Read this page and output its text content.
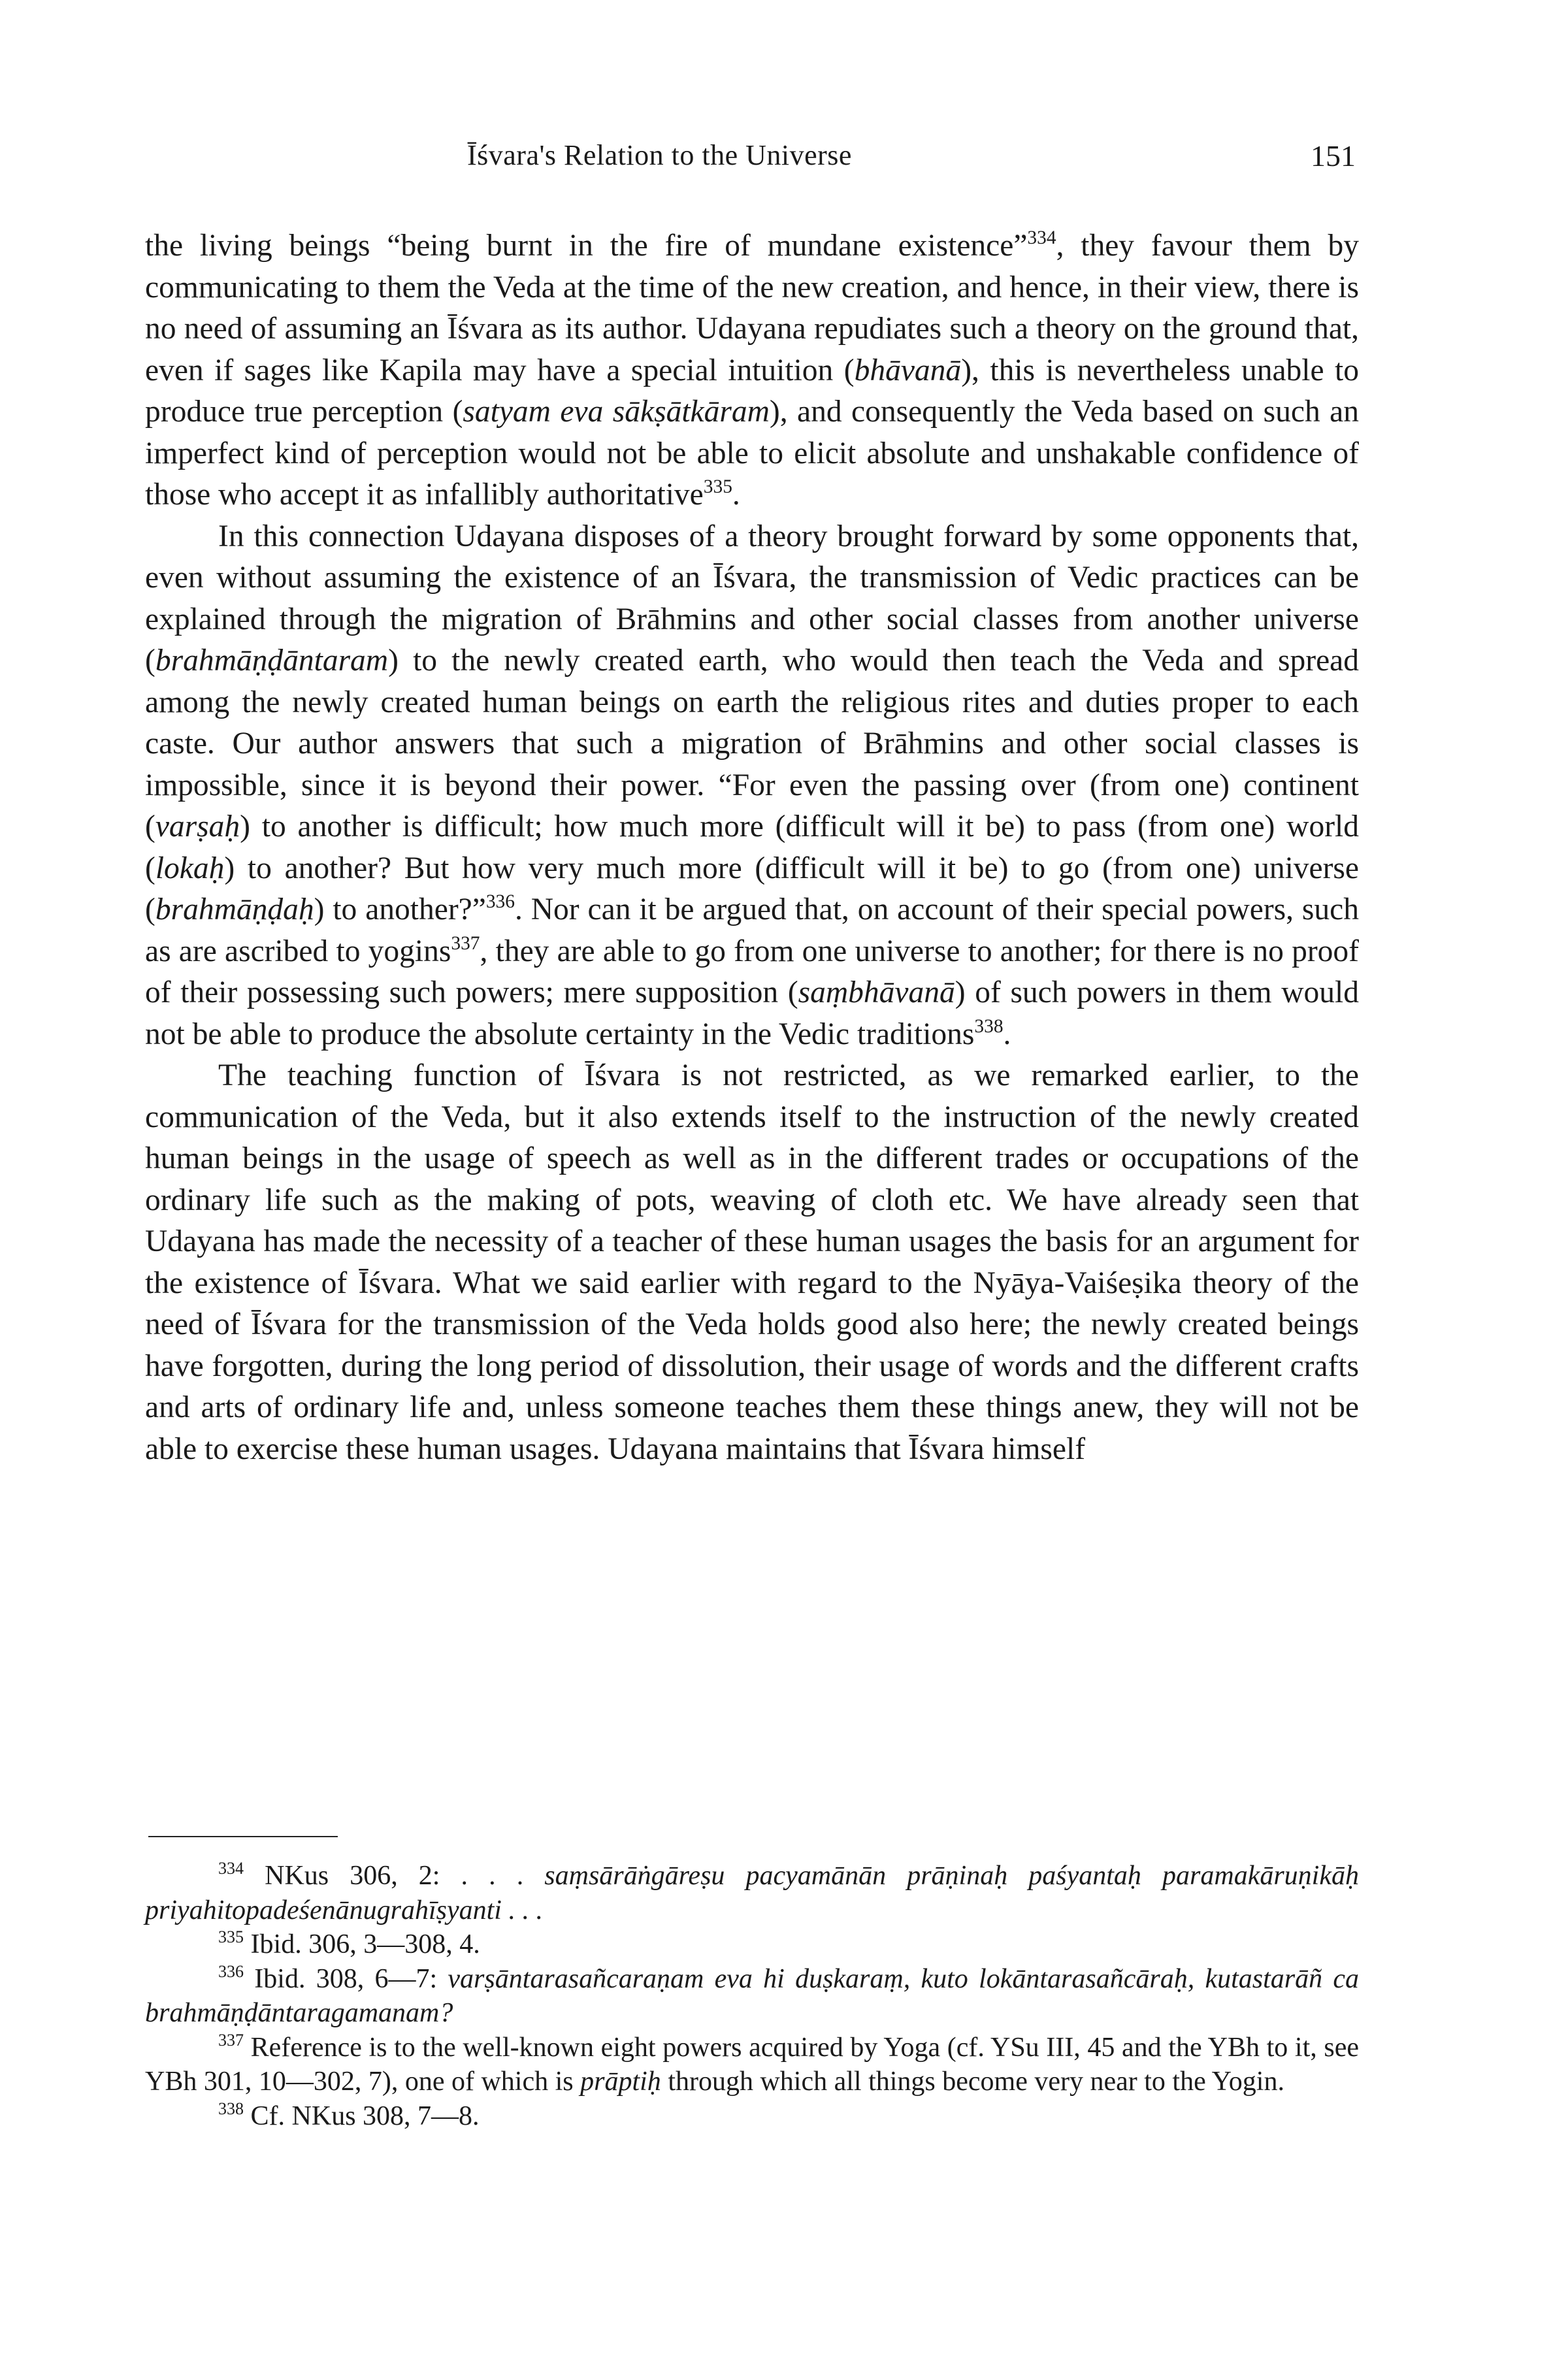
Īśvara's Relation to the Universe	151

the living beings “being burnt in the fire of mundane existence”$^{334}$, they favour them by communicating to them the Veda at the time of the new creation, and hence, in their view, there is no need of assuming an Īśvara as its author. Udayana repudiates such a theory on the ground that, even if sages like Kapila may have a special intuition (bhāvanā), this is nevertheless unable to produce true perception (satyam eva sākṣātkāram), and consequently the Veda based on such an imperfect kind of perception would not be able to elicit absolute and unshakable confidence of those who accept it as infallibly authoritative$^{335}$.

In this connection Udayana disposes of a theory brought forward by some opponents that, even without assuming the existence of an Īśvara, the transmission of Vedic practices can be explained through the migration of Brāhmins and other social classes from another universe (brahmāṇḍāntaram) to the newly created earth, who would then teach the Veda and spread among the newly created human beings on earth the religious rites and duties proper to each caste. Our author answers that such a migration of Brāhmins and other social classes is impossible, since it is beyond their power. “For even the passing over (from one) continent (varṣaḥ) to another is difficult; how much more (difficult will it be) to pass (from one) world (lokaḥ) to another? But how very much more (difficult will it be) to go (from one) universe (brahmāṇḍaḥ) to another?”$^{336}$. Nor can it be argued that, on account of their special powers, such as are ascribed to yogins$^{337}$, they are able to go from one universe to another; for there is no proof of their possessing such powers; mere supposition (saṃbhāvanā) of such powers in them would not be able to produce the absolute certainty in the Vedic traditions$^{338}$.

The teaching function of Īśvara is not restricted, as we remarked earlier, to the communication of the Veda, but it also extends itself to the instruction of the newly created human beings in the usage of speech as well as in the different trades or occupations of the ordinary life such as the making of pots, weaving of cloth etc. We have already seen that Udayana has made the necessity of a teacher of these human usages the basis for an argument for the existence of Īśvara. What we said earlier with regard to the Nyāya-Vaiśeṣika theory of the need of Īśvara for the transmission of the Veda holds good also here; the newly created beings have forgotten, during the long period of dissolution, their usage of words and the different crafts and arts of ordinary life and, unless someone teaches them these things anew, they will not be able to exercise these human usages. Udayana maintains that Īśvara himself

$^{334}$ NKus 306, 2: . . . saṃsārāṅgāreṣu pacyamānān prāṇinaḥ paśyantaḥ paramakāruṇikāḥ priyahitopadeśenānugrahīṣyanti . . .

$^{335}$ Ibid. 306, 3—308, 4.

$^{336}$ Ibid. 308, 6—7: varṣāntarasañcaraṇam eva hi duṣkaraṃ, kuto lokāntarasañcāraḥ, kutastarāñ ca brahmāṇḍāntaragamanam?

$^{337}$ Reference is to the well-known eight powers acquired by Yoga (cf. YSu III, 45 and the YBh to it, see YBh 301, 10—302, 7), one of which is prāptiḥ through which all things become very near to the Yogin.

$^{338}$ Cf. NKus 308, 7—8.
